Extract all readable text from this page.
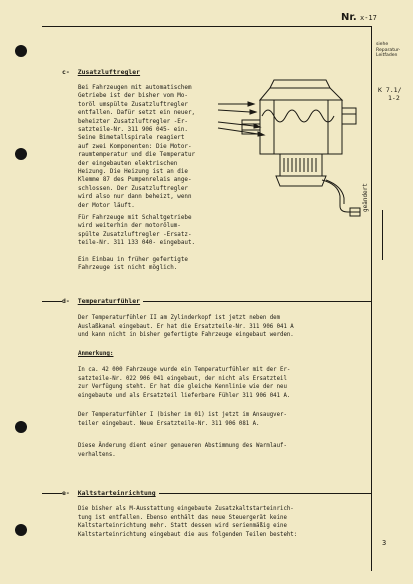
Nr. x-17
siehe
Reparatur-
Leitfaden
K 7.1/
1-2
geändert
c- Zusatzluftregler
Bei Fahrzeugen mit automatischem
Getriebe ist der bisher vom Mo-
toröl umspülte Zusatzluftregler
entfallen. Dafür setzt ein neuer,
beheizter Zusatzluftregler -Er-
satzteile-Nr. 311 906 045- ein.
Seine Bimetallspirale reagiert
auf zwei Komponenten: Die Motor-
raumtemperatur und die Temperatur
der eingebauten elektrischen
Heizung. Die Heizung ist an die
Klemme 87 des Pumpenrelais ange-
schlossen. Der Zusatzluftregler
wird also nur dann beheizt, wenn
der Motor läuft.
Für Fahrzeuge mit Schaltgetriebe
wird weiterhin der motorölum-
spülte Zusatzluftregler -Ersatz-
teile-Nr. 311 133 040- eingebaut.
Ein Einbau in früher gefertigte
Fahrzeuge ist nicht möglich.
d- Temperaturfühler
Der Temperaturfühler II am Zylinderkopf ist jetzt neben dem
Auslaßkanal eingebaut. Er hat die Ersatzteile-Nr. 311 906 041 A
und kann nicht in bisher gefertigte Fahrzeuge eingebaut werden.
Anmerkung:
In ca. 42 000 Fahrzeuge wurde ein Temperaturfühler mit der Er-
satzteile-Nr. 022 906 041 eingebaut, der nicht als Ersatzteil
zur Verfügung steht. Er hat die gleiche Kennlinie wie der neu
eingebaute und als Ersatzteil lieferbare Fühler 311 906 041 A.
Der Temperaturfühler I (bisher im 01) ist jetzt im Ansaugver-
teiler eingebaut. Neue Ersatzteile-Nr. 311 906 081 A.
Diese Änderung dient einer genaueren Abstimmung des Warmlauf-
verhaltens.
e- Kaltstarteinrichtung
Die bisher als M-Ausstattung eingebaute Zusatzkaltstarteinrich-
tung ist entfallen. Ebenso enthält das neue Steuergerät keine
Kaltstarteinrichtung mehr. Statt dessen wird serienmäßig eine
Kaltstarteinrichtung eingebaut die aus folgenden Teilen besteht:
3
